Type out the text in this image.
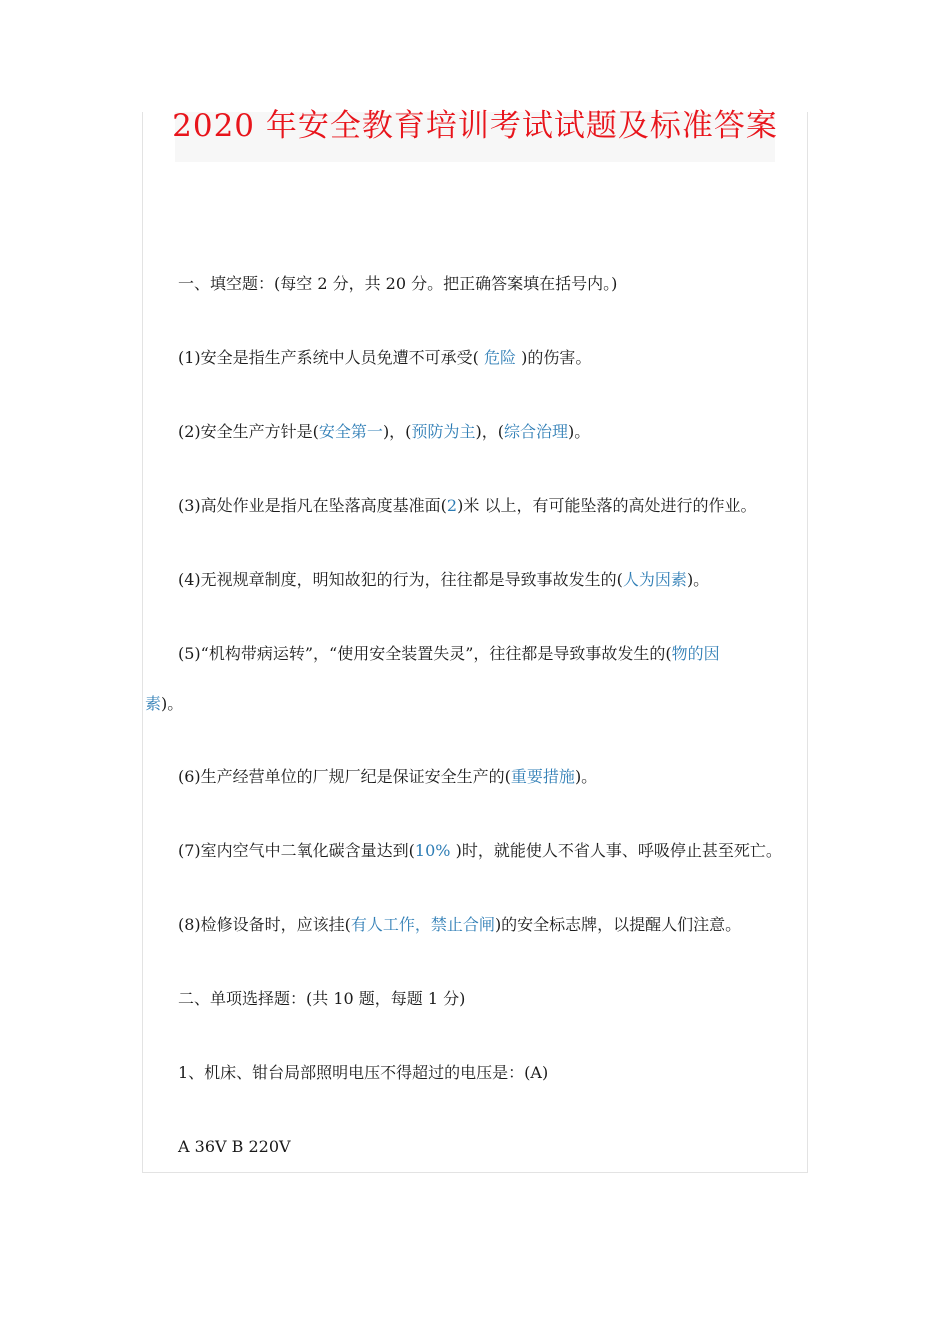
2020 年安全教育培训考试试题及标准答案

一、填空题：(每空 2 分，共 20 分。把正确答案填在括号内。)

(1)安全是指生产系统中人员免遭不可承受( 危险 )的伤害。

(2)安全生产方针是(安全第一)，(预防为主)，(综合治理)。

(3)高处作业是指凡在坠落高度基准面(2)米 以上，有可能坠落的高处进行的作业。

(4)无视规章制度，明知故犯的行为，往往都是导致事故发生的(人为因素)。

(5)“机构带病运转”，“使用安全装置失灵”，往往都是导致事故发生的(物的因

素)。

(6)生产经营单位的厂规厂纪是保证安全生产的(重要措施)。

(7)室内空气中二氧化碳含量达到(10% )时，就能使人不省人事、呼吸停止甚至死亡。

(8)检修设备时，应该挂(有人工作，禁止合闸)的安全标志牌，以提醒人们注意。

二、单项选择题：(共 10 题，每题 1 分)

1、机床、钳台局部照明电压不得超过的电压是：(A)

A 36V B 220V
